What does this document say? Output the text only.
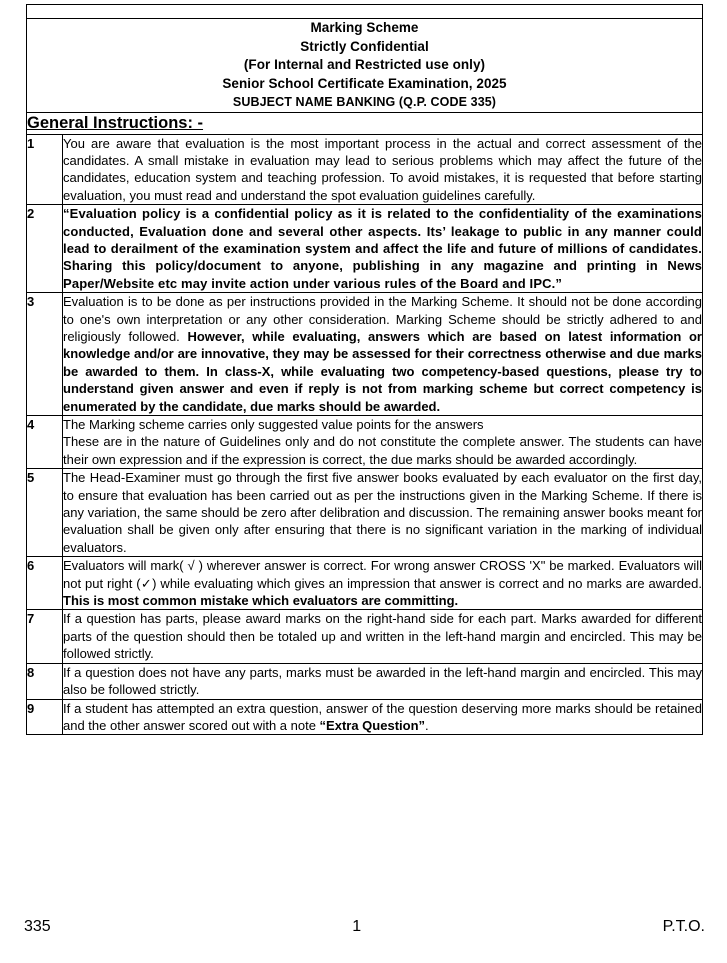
Marking Scheme
Strictly Confidential
(For Internal and Restricted use only)
Senior School Certificate Examination, 2025
SUBJECT NAME BANKING (Q.P. CODE 335)	

General Instructions: -	

1	You are aware that evaluation is the most important process in the actual and correct assessment of the candidates. A small mistake in evaluation may lead to serious problems which may affect the future of the candidates, education system and teaching profession. To avoid mistakes, it is requested that before starting evaluation, you must read and understand the spot evaluation guidelines carefully.

2	“Evaluation policy is a confidential policy as it is related to the confidentiality of the examinations conducted, Evaluation done and several other aspects. Its’ leakage to public in any manner could lead to derailment of the examination system and affect the life and future of millions of candidates. Sharing this policy/document to anyone, publishing in any magazine and printing in News Paper/Website etc may invite action under various rules of the Board and IPC.”

3	Evaluation is to be done as per instructions provided in the Marking Scheme. It should not be done according to one's own interpretation or any other consideration. Marking Scheme should be strictly adhered to and religiously followed. However, while evaluating, answers which are based on latest information or knowledge and/or are innovative, they may be assessed for their correctness otherwise and due marks be awarded to them. In class-X, while evaluating two competency-based questions, please try to understand given answer and even if reply is not from marking scheme but correct competency is enumerated by the candidate, due marks should be awarded.

4	The Marking scheme carries only suggested value points for the answers

These are in the nature of Guidelines only and do not constitute the complete answer. The students can have their own expression and if the expression is correct, the due marks should be awarded accordingly.

5	The Head-Examiner must go through the first five answer books evaluated by each evaluator on the first day, to ensure that evaluation has been carried out as per the instructions given in the Marking Scheme. If there is any variation, the same should be zero after delibration and discussion. The remaining answer books meant for evaluation shall be given only after ensuring that there is no significant variation in the marking of individual evaluators.

6	Evaluators will mark( √ ) wherever answer is correct. For wrong answer CROSS 'X" be marked. Evaluators will not put right (✓) while evaluating which gives an impression that answer is correct and no marks are awarded. This is most common mistake which evaluators are committing.

7	If a question has parts, please award marks on the right-hand side for each part. Marks awarded for different parts of the question should then be totaled up and written in the left-hand margin and encircled. This may be followed strictly.

8	If a question does not have any parts, marks must be awarded in the left-hand margin and encircled. This may also be followed strictly.

9	If a student has attempted an extra question, answer of the question deserving more marks should be retained and the other answer scored out with a note “Extra Question”.

335	1	P.T.O.
